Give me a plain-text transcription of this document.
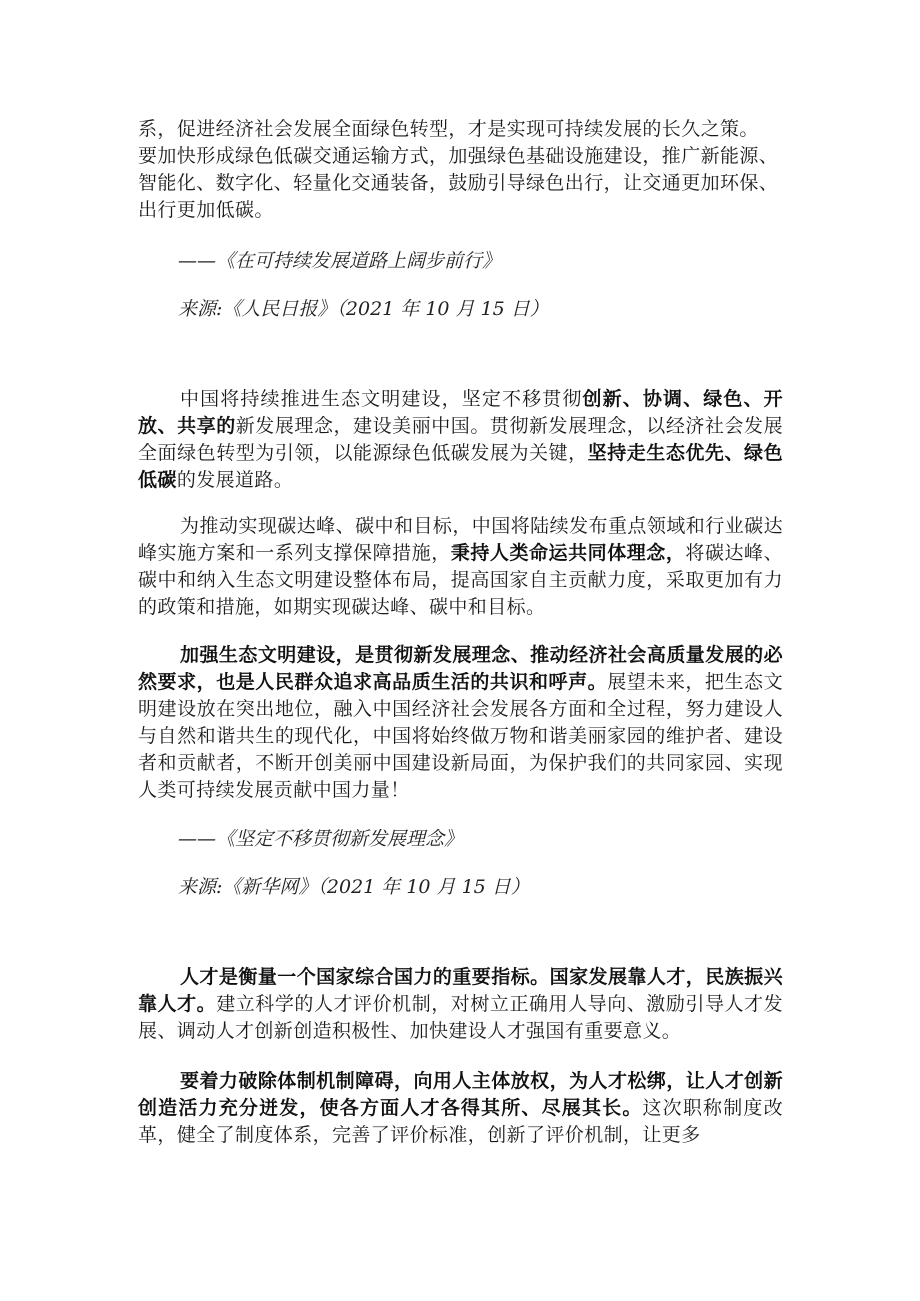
系，促进经济社会发展全面绿色转型，才是实现可持续发展的长久之策。
要加快形成绿色低碳交通运输方式，加强绿色基础设施建设，推广新能源、
智能化、数字化、轻量化交通装备，鼓励引导绿色出行，让交通更加环保、
出行更加低碳。

——《在可持续发展道路上阔步前行》

来源:《人民日报》（2021 年 10 月 15 日）

中国将持续推进生态文明建设，坚定不移贯彻创新、协调、绿色、开放、共享的新发展理念，建设美丽中国。贯彻新发展理念，以经济社会发展全面绿色转型为引领，以能源绿色低碳发展为关键，坚持走生态优先、绿色低碳的发展道路。

为推动实现碳达峰、碳中和目标，中国将陆续发布重点领域和行业碳达峰实施方案和一系列支撑保障措施，秉持人类命运共同体理念，将碳达峰、碳中和纳入生态文明建设整体布局，提高国家自主贡献力度，采取更加有力的政策和措施，如期实现碳达峰、碳中和目标。

加强生态文明建设，是贯彻新发展理念、推动经济社会高质量发展的必然要求，也是人民群众追求高品质生活的共识和呼声。展望未来，把生态文明建设放在突出地位，融入中国经济社会发展各方面和全过程，努力建设人与自然和谐共生的现代化，中国将始终做万物和谐美丽家园的维护者、建设者和贡献者，不断开创美丽中国建设新局面，为保护我们的共同家园、实现人类可持续发展贡献中国力量！

——《坚定不移贯彻新发展理念》

来源:《新华网》（2021 年 10 月 15 日）

人才是衡量一个国家综合国力的重要指标。国家发展靠人才，民族振兴靠人才。建立科学的人才评价机制，对树立正确用人导向、激励引导人才发展、调动人才创新创造积极性、加快建设人才强国有重要意义。

要着力破除体制机制障碍，向用人主体放权，为人才松绑，让人才创新创造活力充分迸发，使各方面人才各得其所、尽展其长。这次职称制度改革，健全了制度体系，完善了评价标准，创新了评价机制，让更多
